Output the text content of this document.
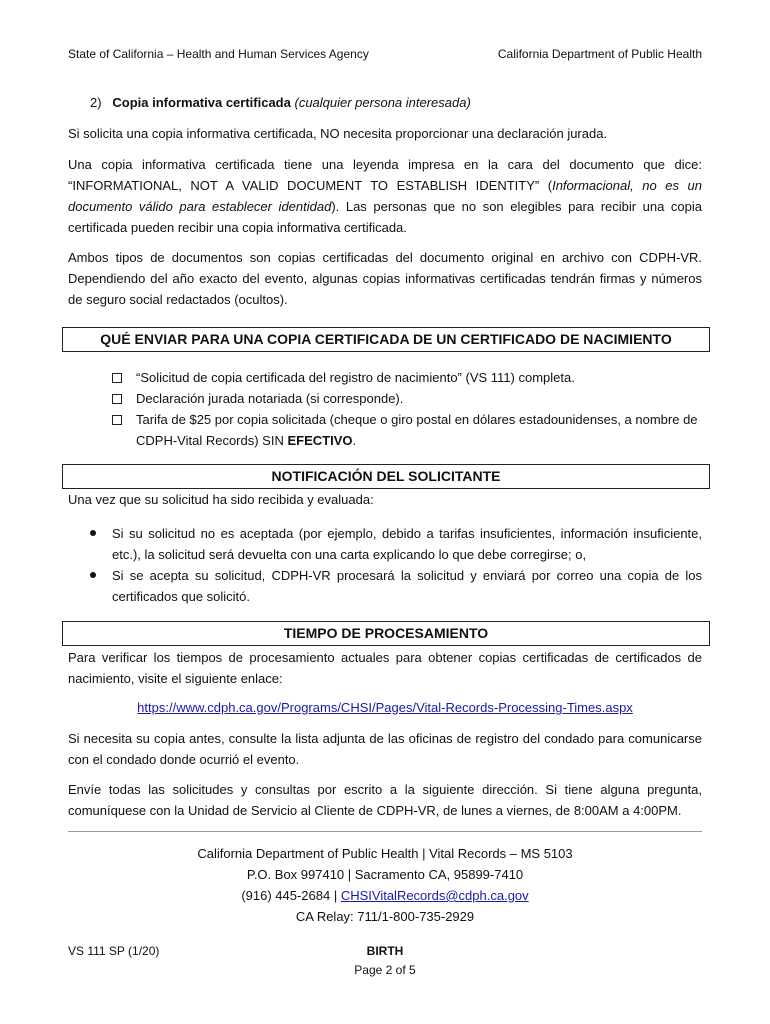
State of California – Health and Human Services Agency	California Department of Public Health
2) Copia informativa certificada (cualquier persona interesada)
Si solicita una copia informativa certificada, NO necesita proporcionar una declaración jurada.
Una copia informativa certificada tiene una leyenda impresa en la cara del documento que dice: “INFORMATIONAL, NOT A VALID DOCUMENT TO ESTABLISH IDENTITY” (Informacional, no es un documento válido para establecer identidad). Las personas que no son elegibles para recibir una copia certificada pueden recibir una copia informativa certificada.
Ambos tipos de documentos son copias certificadas del documento original en archivo con CDPH-VR. Dependiendo del año exacto del evento, algunas copias informativas certificadas tendrán firmas y números de seguro social redactados (ocultos).
QUÉ ENVIAR PARA UNA COPIA CERTIFICADA DE UN CERTIFICADO DE NACIMIENTO
“Solicitud de copia certificada del registro de nacimiento” (VS 111) completa.
Declaración jurada notariada (si corresponde).
Tarifa de $25 por copia solicitada (cheque o giro postal en dólares estadounidenses, a nombre de CDPH-Vital Records) SIN EFECTIVO.
NOTIFICACIÓN DEL SOLICITANTE
Una vez que su solicitud ha sido recibida y evaluada:
Si su solicitud no es aceptada (por ejemplo, debido a tarifas insuficientes, información insuficiente, etc.), la solicitud será devuelta con una carta explicando lo que debe corregirse; o,
Si se acepta su solicitud, CDPH-VR procesará la solicitud y enviará por correo una copia de los certificados que solicitó.
TIEMPO DE PROCESAMIENTO
Para verificar los tiempos de procesamiento actuales para obtener copias certificadas de certificados de nacimiento, visite el siguiente enlace:
https://www.cdph.ca.gov/Programs/CHSI/Pages/Vital-Records-Processing-Times.aspx
Si necesita su copia antes, consulte la lista adjunta de las oficinas de registro del condado para comunicarse con el condado donde ocurrió el evento.
Envíe todas las solicitudes y consultas por escrito a la siguiente dirección. Si tiene alguna pregunta, comuníquese con la Unidad de Servicio al Cliente de CDPH-VR, de lunes a viernes, de 8:00AM a 4:00PM.
California Department of Public Health | Vital Records – MS 5103
P.O. Box 997410 | Sacramento CA, 95899-7410
(916) 445-2684 | CHSIVitalRecords@cdph.ca.gov
CA Relay: 711/1-800-735-2929
VS 111 SP (1/20)	BIRTH
Page 2 of 5
